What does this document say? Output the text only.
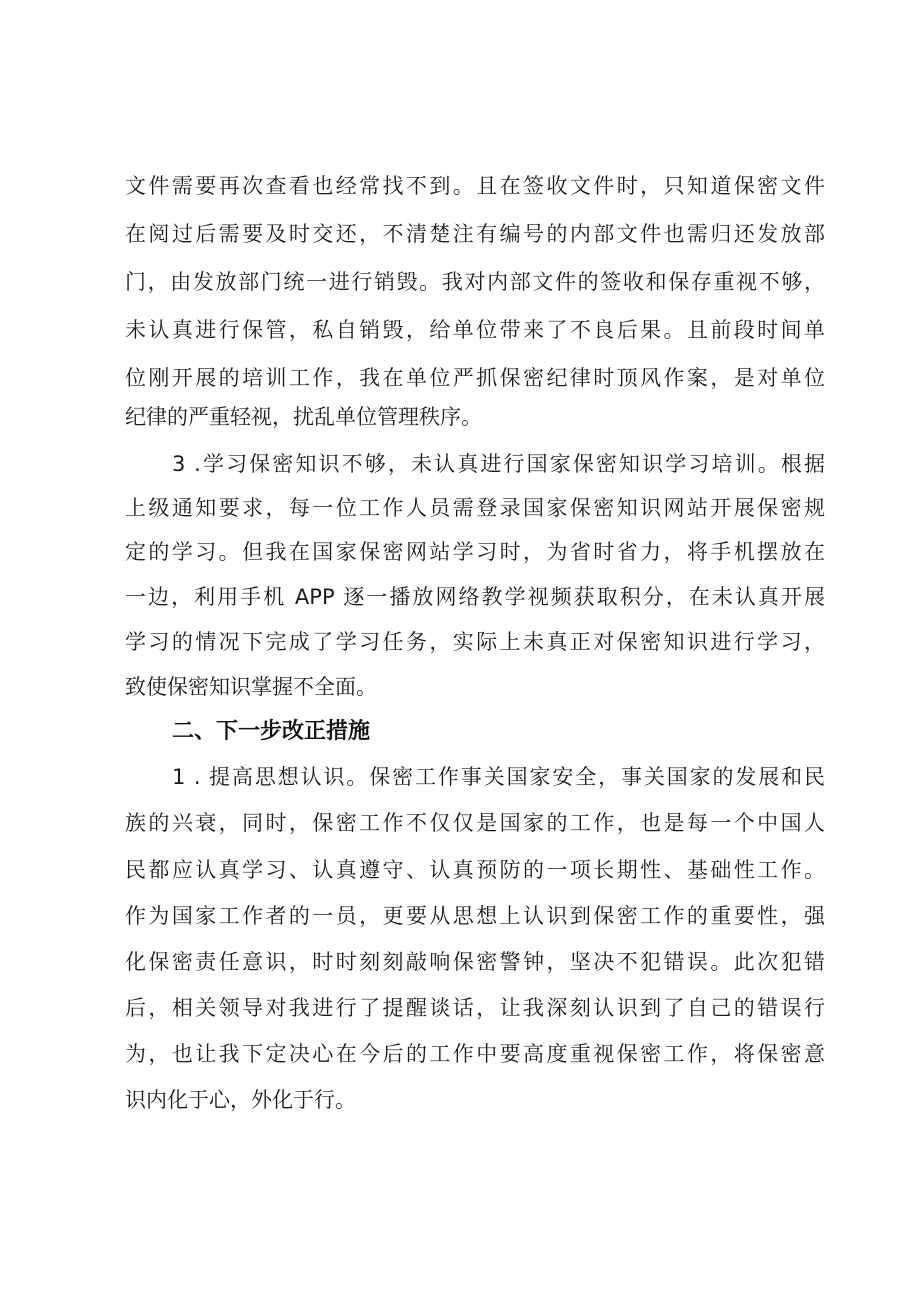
文件需要再次查看也经常找不到。且在签收文件时，只知道保密文件
在阅过后需要及时交还，不清楚注有编号的内部文件也需归还发放部
门，由发放部门统一进行销毁。我对内部文件的签收和保存重视不够，
未认真进行保管，私自销毁，给单位带来了不良后果。且前段时间单
位刚开展的培训工作，我在单位严抓保密纪律时顶风作案，是对单位
纪律的严重轻视，扰乱单位管理秩序。
3 .学习保密知识不够，未认真进行国家保密知识学习培训。根据
上级通知要求，每一位工作人员需登录国家保密知识网站开展保密规
定的学习。但我在国家保密网站学习时，为省时省力，将手机摆放在
一边，利用手机 APP 逐一播放网络教学视频获取积分，在未认真开展
学习的情况下完成了学习任务，实际上未真正对保密知识进行学习，
致使保密知识掌握不全面。
二、下一步改正措施
1 . 提高思想认识。保密工作事关国家安全，事关国家的发展和民
族的兴衰，同时，保密工作不仅仅是国家的工作，也是每一个中国人
民都应认真学习、认真遵守、认真预防的一项长期性、基础性工作。
作为国家工作者的一员，更要从思想上认识到保密工作的重要性，强
化保密责任意识，时时刻刻敲响保密警钟，坚决不犯错误。此次犯错
后，相关领导对我进行了提醒谈话，让我深刻认识到了自己的错误行
为，也让我下定决心在今后的工作中要高度重视保密工作，将保密意
识内化于心，外化于行。
